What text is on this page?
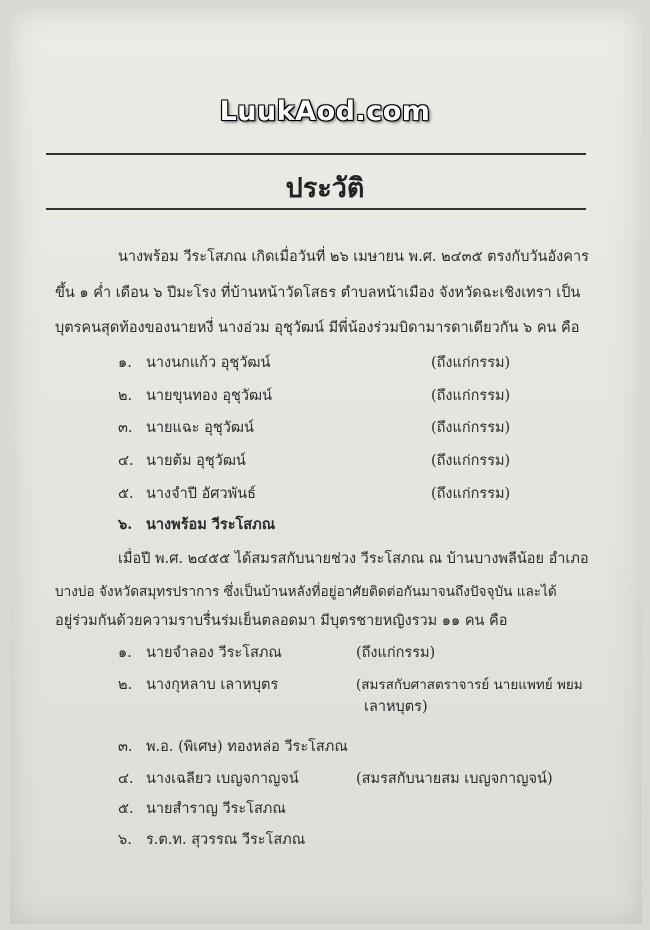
LuukAod.com
ประวัติ
นางพร้อม วีระโสภณ เกิดเมื่อวันที่ ๒๖ เมษายน พ.ศ. ๒๔๓๕ ตรงกับวันอังคาร
ขึ้น ๑ ค่ำ เดือน ๖ ปีมะโรง ที่บ้านหน้าวัดโสธร ตำบลหน้าเมือง จังหวัดฉะเชิงเทรา เป็น
บุตรคนสุดท้องของนายหงี่ นางอ่วม อุชุวัฒน์ มีพี่น้องร่วมบิดามารดาเดียวกัน ๖ คน คือ
๑. นางนกแก้ว อุชุวัฒน์	(ถึงแก่กรรม)
๒. นายขุนทอง อุชุวัฒน์	(ถึงแก่กรรม)
๓. นายแฉะ อุชุวัฒน์	(ถึงแก่กรรม)
๔. นายต้ม อุชุวัฒน์	(ถึงแก่กรรม)
๕. นางจำปี อัศวพันธ์	(ถึงแก่กรรม)
๖. นางพร้อม วีระโสภณ
เมื่อปี พ.ศ. ๒๔๕๕ ได้สมรสกับนายช่วง วีระโสภณ ณ บ้านบางพลีน้อย อำเภอ
บางบ่อ จังหวัดสมุทรปราการ ซึ่งเป็นบ้านหลังที่อยู่อาศัยติดต่อกันมาจนถึงปัจจุบัน และได้
อยู่ร่วมกันด้วยความราบรื่นร่มเย็นตลอดมา มีบุตรชายหญิงรวม ๑๑ คน คือ
๑. นายจำลอง วีระโสภณ	(ถึงแก่กรรม)
๒. นางกุหลาบ เลาหบุตร	(สมรสกับศาสตราจารย์ นายแพทย์ พยม
เลาหบุตร)
๓. พ.อ. (พิเศษ) ทองหล่อ วีระโสภณ
๔. นางเฉลียว เบญจกาญจน์	(สมรสกับนายสม เบญจกาญจน์)
๕. นายสำราญ วีระโสภณ
๖. ร.ต.ท. สุวรรณ วีระโสภณ
